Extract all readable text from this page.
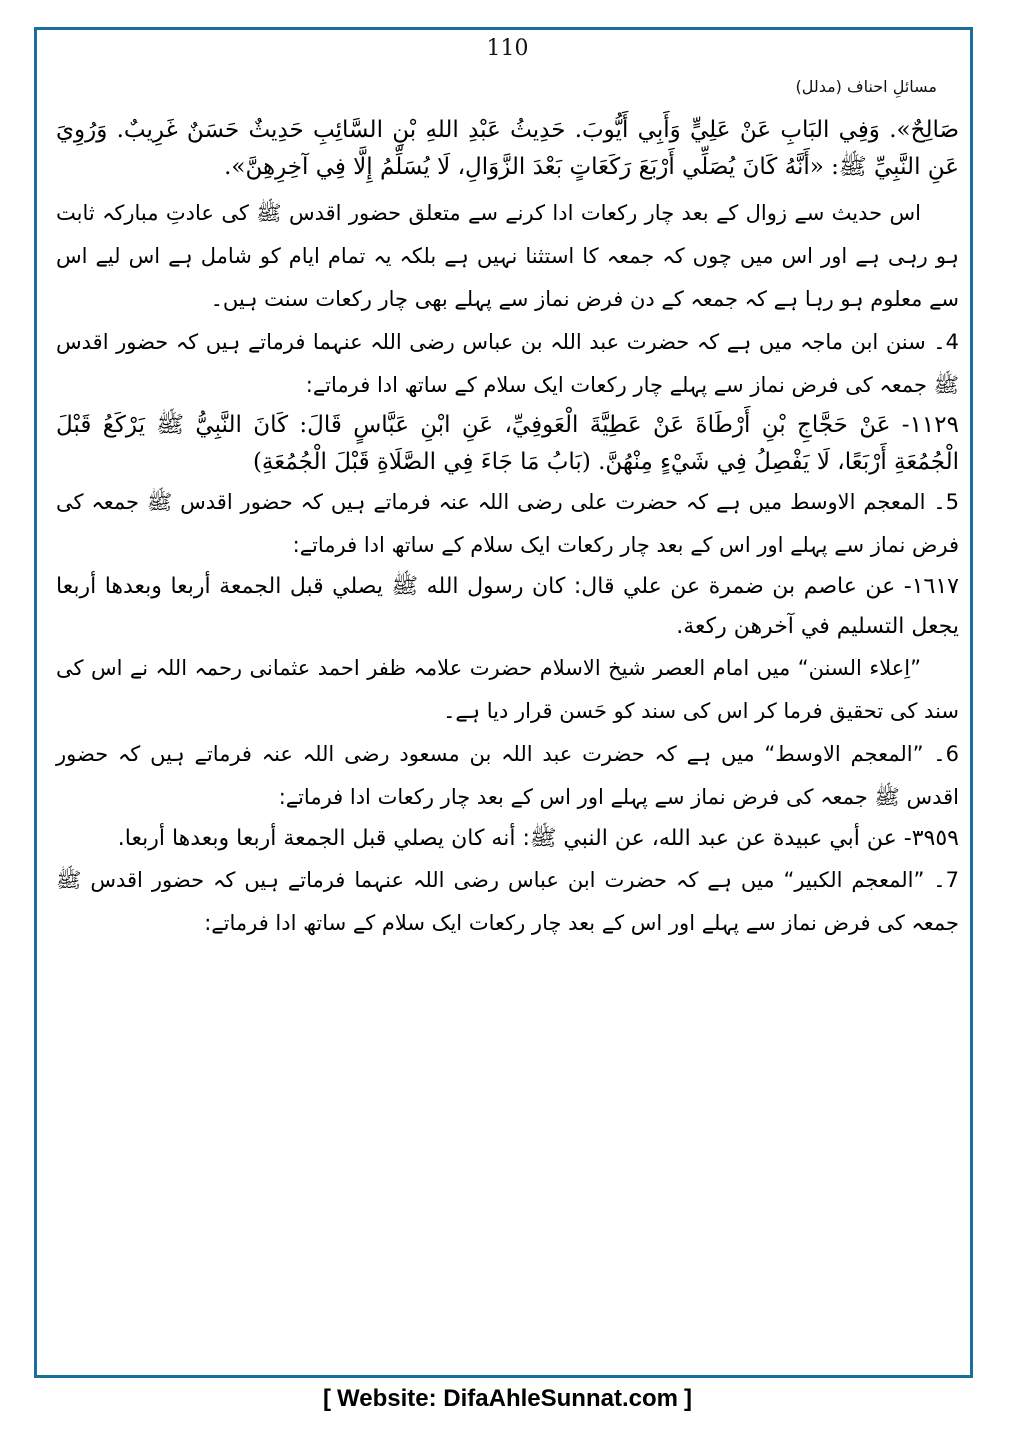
110
مسائلِ احناف (مدلل)

صَالِحٌ». وَفِي البَابِ عَنْ عَلِيٍّ وَأَبِي أَيُّوبَ. حَدِيثُ عَبْدِ اللهِ بْنِ السَّائِبِ حَدِيثٌ حَسَنٌ غَرِيبٌ. وَرُوِيَ عَنِ النَّبِيِّ ﷺ: «أَنَّهُ كَانَ يُصَلِّي أَرْبَعَ رَكَعَاتٍ بَعْدَ الزَّوَالِ، لَا يُسَلِّمُ إِلَّا فِي آخِرِهِنَّ».

اس حدیث سے زوال کے بعد چار رکعات ادا کرنے سے متعلق حضور اقدس ﷺ کی عادتِ مبارکہ ثابت ہو رہی ہے اور اس میں چوں کہ جمعہ کا استثنا نہیں ہے بلکہ یہ تمام ایام کو شامل ہے اس لیے اس سے معلوم ہو رہا ہے کہ جمعہ کے دن فرض نماز سے پہلے بھی چار رکعات سنت ہیں۔

4۔ سنن ابن ماجہ میں ہے کہ حضرت عبد اللہ بن عباس رضی اللہ عنہما فرماتے ہیں کہ حضور اقدس ﷺ جمعہ کی فرض نماز سے پہلے چار رکعات ایک سلام کے ساتھ ادا فرماتے:

١١٢٩- عَنْ حَجَّاجِ بْنِ أَرْطَاةَ عَنْ عَطِيَّةَ الْعَوفِيِّ، عَنِ ابْنِ عَبَّاسٍ قَالَ: كَانَ النَّبِيُّ ﷺ يَرْكَعُ قَبْلَ الْجُمُعَةِ أَرْبَعًا، لَا يَفْصِلُ فِي شَيْءٍ مِنْهُنَّ. (بَابُ مَا جَاءَ فِي الصَّلَاةِ قَبْلَ الْجُمُعَةِ)

5۔ المعجم الاوسط میں ہے کہ حضرت علی رضی اللہ عنہ فرماتے ہیں کہ حضور اقدس ﷺ جمعہ کی فرض نماز سے پہلے اور اس کے بعد چار رکعات ایک سلام کے ساتھ ادا فرماتے:

١٦١٧- عن عاصم بن ضمرة عن علي قال: كان رسول الله ﷺ يصلي قبل الجمعة أربعا وبعدها أربعا يجعل التسليم في آخرهن ركعة.

”اِعلاء السنن“ میں امام العصر شیخ الاسلام حضرت علامہ ظفر احمد عثمانی رحمہ اللہ نے اس کی سند کی تحقیق فرما کر اس کی سند کو حَسن قرار دیا ہے۔

6۔ ”المعجم الاوسط“ میں ہے کہ حضرت عبد اللہ بن مسعود رضی اللہ عنہ فرماتے ہیں کہ حضور اقدس ﷺ جمعہ کی فرض نماز سے پہلے اور اس کے بعد چار رکعات ادا فرماتے:

٣٩٥٩- عن أبي عبيدة عن عبد الله، عن النبي ﷺ: أنه كان يصلي قبل الجمعة أربعا وبعدها أربعا.

7۔ ”المعجم الکبیر“ میں ہے کہ حضرت ابن عباس رضی اللہ عنہما فرماتے ہیں کہ حضور اقدس ﷺ جمعہ کی فرض نماز سے پہلے اور اس کے بعد چار رکعات ایک سلام کے ساتھ ادا فرماتے:

[ Website: DifaAhleSunnat.com ]
